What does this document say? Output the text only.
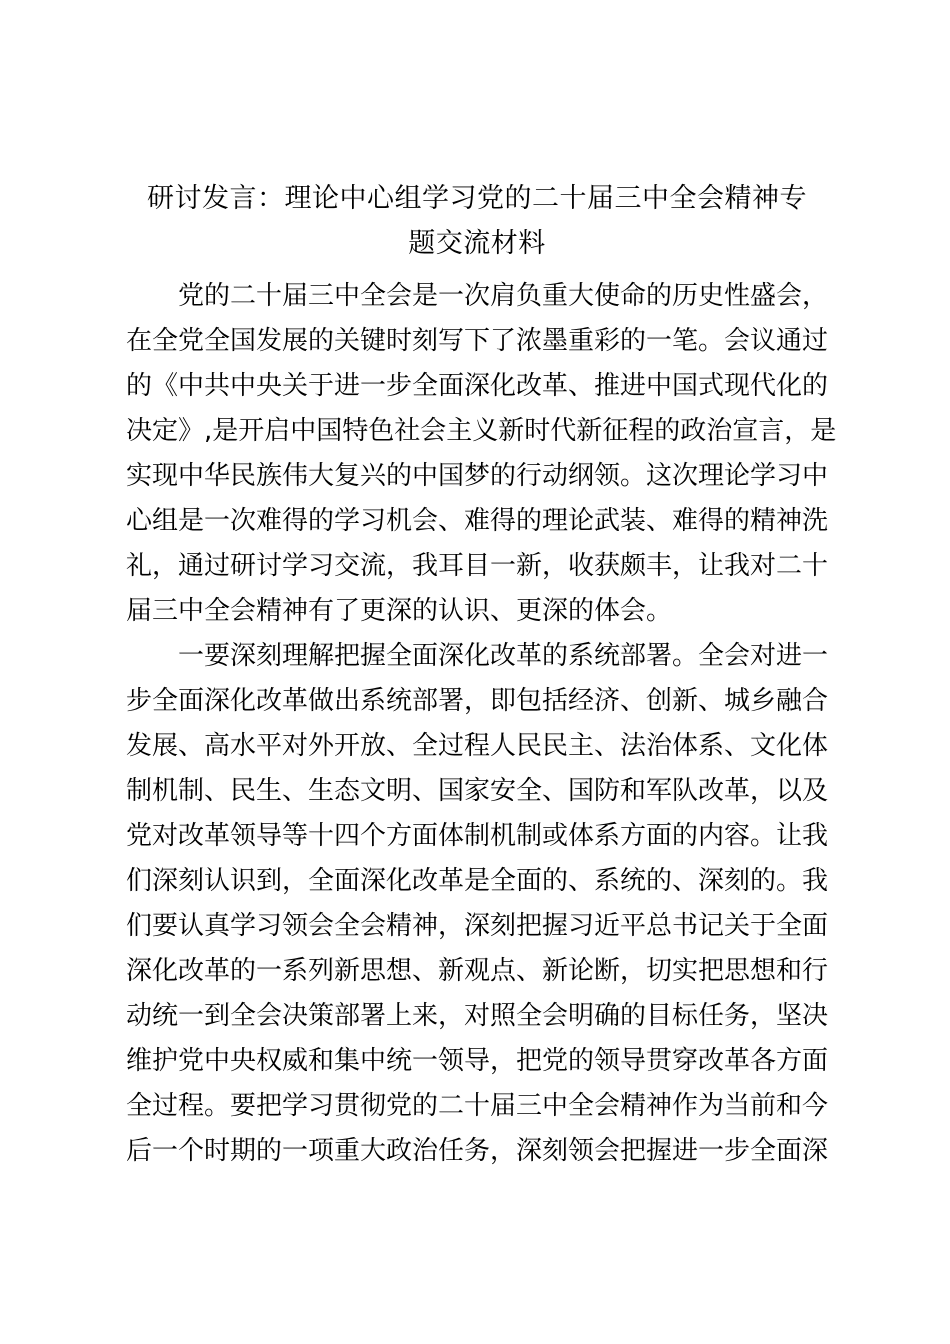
研讨发言：理论中心组学习党的二十届三中全会精神专
题交流材料
党的二十届三中全会是一次肩负重大使命的历史性盛会，
在全党全国发展的关键时刻写下了浓墨重彩的一笔。会议通过
的《中共中央关于进一步全面深化改革、推进中国式现代化的
决定》,是开启中国特色社会主义新时代新征程的政治宣言，是
实现中华民族伟大复兴的中国梦的行动纲领。这次理论学习中
心组是一次难得的学习机会、难得的理论武装、难得的精神洗
礼，通过研讨学习交流，我耳目一新，收获颇丰，让我对二十
届三中全会精神有了更深的认识、更深的体会。
一要深刻理解把握全面深化改革的系统部署。全会对进一
步全面深化改革做出系统部署，即包括经济、创新、城乡融合
发展、高水平对外开放、全过程人民民主、法治体系、文化体
制机制、民生、生态文明、国家安全、国防和军队改革，以及
党对改革领导等十四个方面体制机制或体系方面的内容。让我
们深刻认识到，全面深化改革是全面的、系统的、深刻的。我
们要认真学习领会全会精神，深刻把握习近平总书记关于全面
深化改革的一系列新思想、新观点、新论断，切实把思想和行
动统一到全会决策部署上来，对照全会明确的目标任务，坚决
维护党中央权威和集中统一领导，把党的领导贯穿改革各方面
全过程。要把学习贯彻党的二十届三中全会精神作为当前和今
后一个时期的一项重大政治任务，深刻领会把握进一步全面深
